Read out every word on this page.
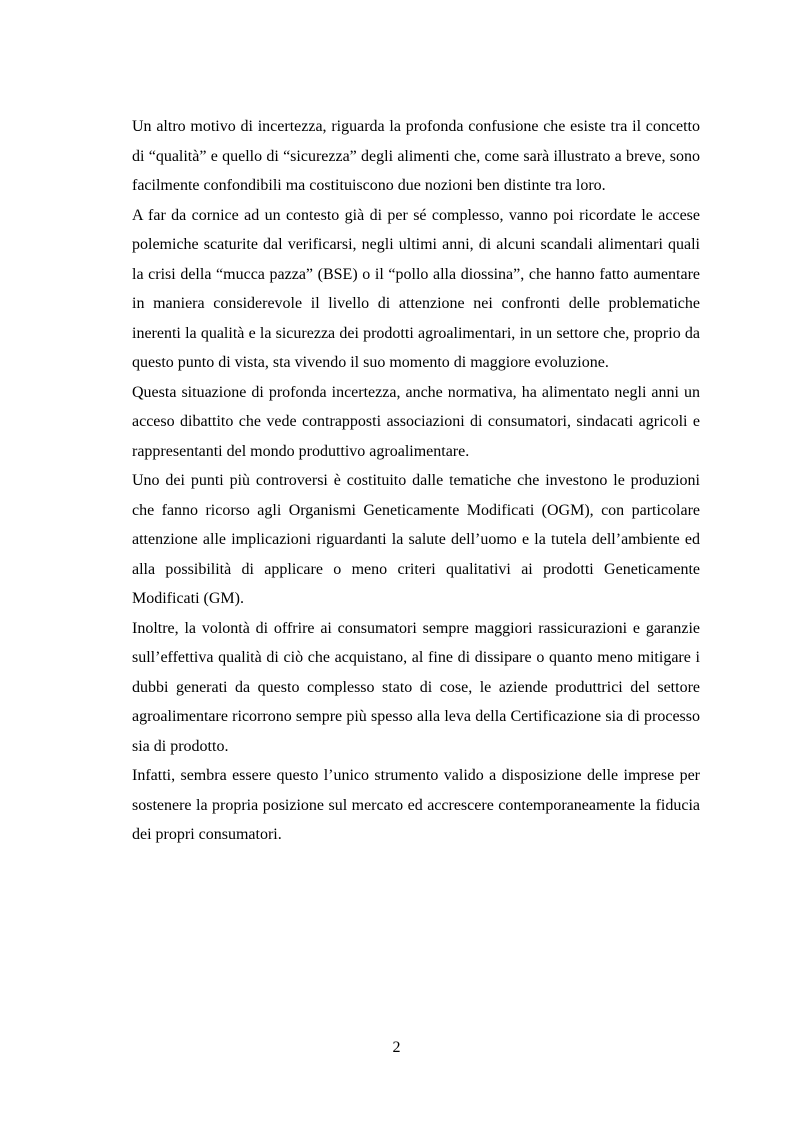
Un altro motivo di incertezza, riguarda la profonda confusione che esiste tra il concetto di “qualità” e quello di “sicurezza” degli alimenti che, come sarà illustrato a breve, sono facilmente confondibili ma costituiscono due nozioni ben distinte tra loro.

A far da cornice ad un contesto già di per sé complesso, vanno poi ricordate le accese polemiche scaturite dal verificarsi, negli ultimi anni, di alcuni scandali alimentari quali la crisi della “mucca pazza” (BSE) o il “pollo alla diossina”, che hanno fatto aumentare in maniera considerevole il livello di attenzione nei confronti delle problematiche inerenti la qualità e la sicurezza dei prodotti agroalimentari, in un settore che, proprio da questo punto di vista, sta vivendo il suo momento di maggiore evoluzione.

Questa situazione di profonda incertezza, anche normativa, ha alimentato negli anni un acceso dibattito che vede contrapposti associazioni di consumatori, sindacati agricoli e rappresentanti del mondo produttivo agroalimentare.

Uno dei punti più controversi è costituito dalle tematiche che investono le produzioni che fanno ricorso agli Organismi Geneticamente Modificati (OGM), con particolare attenzione alle implicazioni riguardanti la salute dell’uomo e la tutela dell’ambiente ed alla possibilità di applicare o meno criteri qualitativi ai prodotti Geneticamente Modificati (GM).

Inoltre, la volontà di offrire ai consumatori sempre maggiori rassicurazioni e garanzie sull’effettiva qualità di ciò che acquistano, al fine di dissipare o quanto meno mitigare i dubbi generati da questo complesso stato di cose, le aziende produttrici del settore agroalimentare ricorrono sempre più spesso alla leva della Certificazione sia di processo sia di prodotto.

Infatti, sembra essere questo l’unico strumento valido a disposizione delle imprese per sostenere la propria posizione sul mercato ed accrescere contemporaneamente la fiducia dei propri consumatori.

2
